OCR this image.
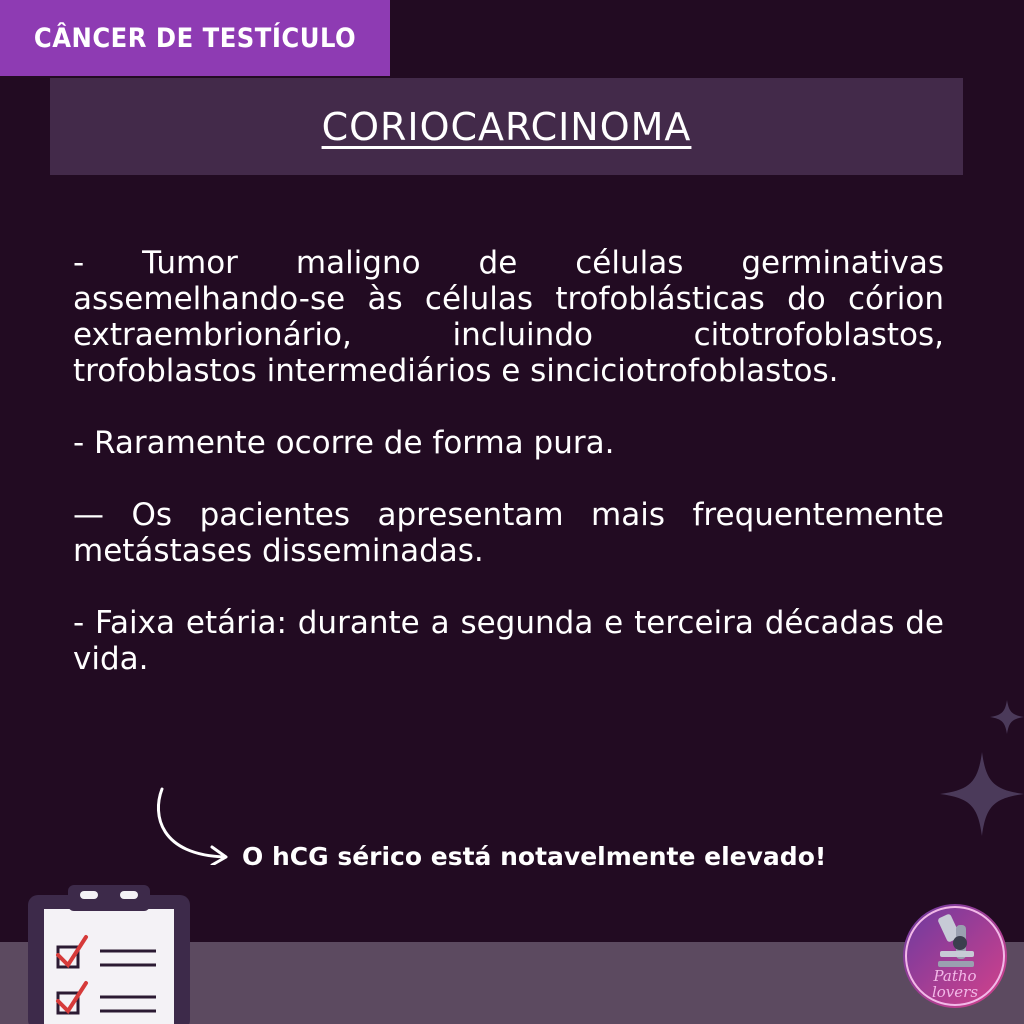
CÂNCER DE TESTÍCULO
CORIOCARCINOMA

- Tumor maligno de células germinativas assemelhando-se às células trofoblásticas do córion extraembrionário, incluindo citotrofoblastos, trofoblastos intermediários e sinciciotrofoblastos.

- Raramente ocorre de forma pura.

— Os pacientes apresentam mais frequentemente metástases disseminadas.

- Faixa etária: durante a segunda e terceira décadas de vida.

O hCG sérico está notavelmente elevado!
Patho
lovers
